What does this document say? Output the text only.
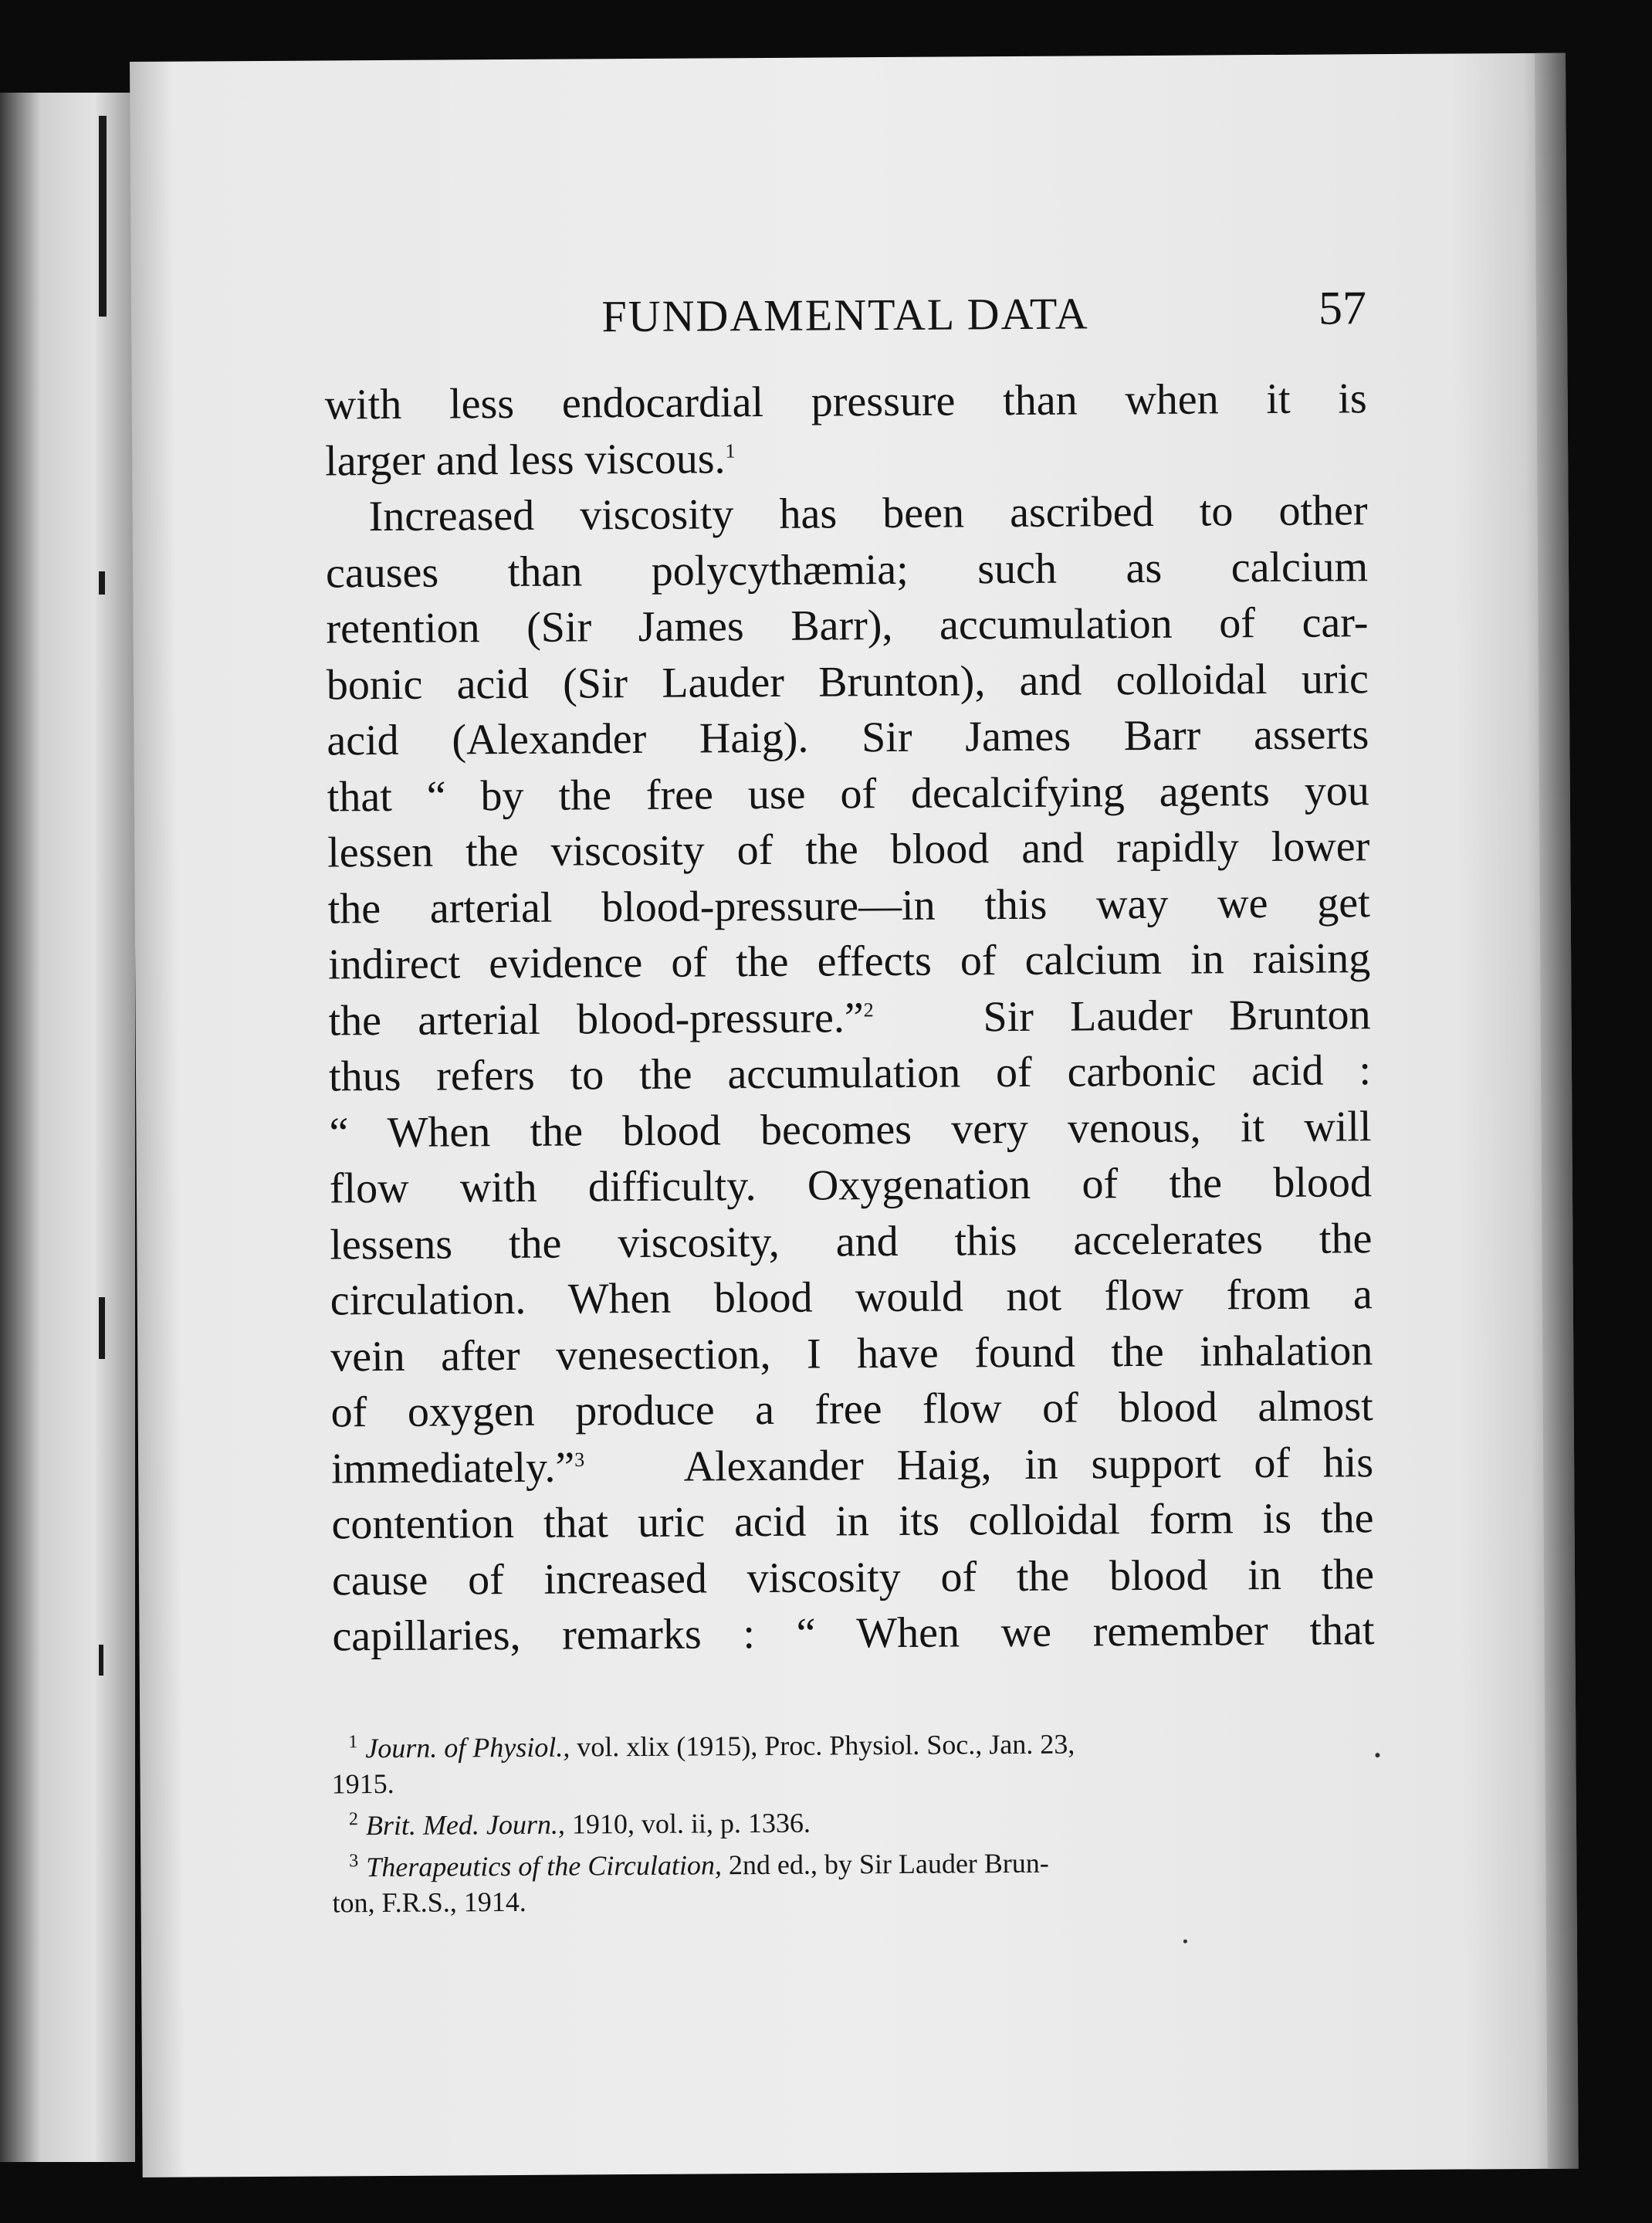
FUNDAMENTAL DATA	57

with less endocardial pressure than when it is

larger and less viscous.$^1$

Increased viscosity has been ascribed to other

causes than polycythæmia; such as calcium

retention (Sir James Barr), accumulation of car-

bonic acid (Sir Lauder Brunton), and colloidal uric

acid (Alexander Haig). Sir James Barr asserts

that “ by the free use of decalcifying agents you

lessen the viscosity of the blood and rapidly lower

the arterial blood-pressure—in this way we get

indirect evidence of the effects of calcium in raising

the arterial blood-pressure.”$^2$	Sir Lauder Brunton

thus refers to the accumulation of carbonic acid :

“ When the blood becomes very venous, it will

flow with difficulty. Oxygenation of the blood

lessens the viscosity, and this accelerates the

circulation. When blood would not flow from a

vein after venesection, I have found the inhalation

of oxygen produce a free flow of blood almost

immediately.”$^3$ Alexander Haig, in support of his

contention that uric acid in its colloidal form is the

cause of increased viscosity of the blood in the

capillaries, remarks : “ When we remember that

$^1$ Journ. of Physiol., vol. xlix (1915), Proc. Physiol. Soc., Jan. 23,

1915.

$^2$ Brit. Med. Journ., 1910, vol. ii, p. 1336.

$^3$ Therapeutics of the Circulation, 2nd ed., by Sir Lauder Brun-

ton, F.R.S., 1914.
